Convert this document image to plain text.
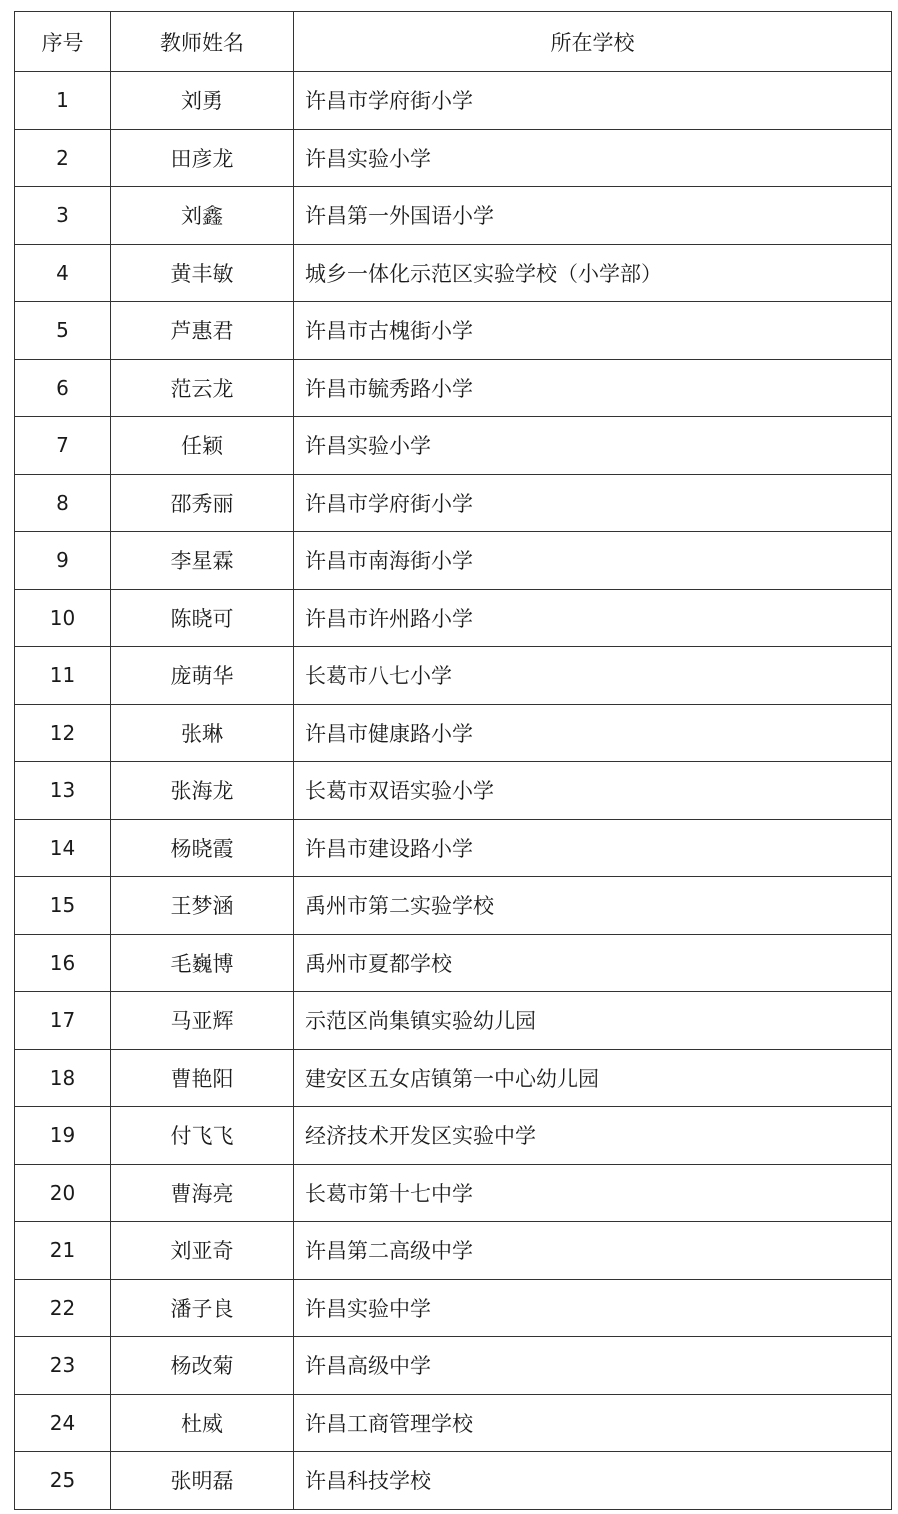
序号	教师姓名	所在学校
1	刘勇	许昌市学府街小学
2	田彦龙	许昌实验小学
3	刘鑫	许昌第一外国语小学
4	黄丰敏	城乡一体化示范区实验学校（小学部）
5	芦惠君	许昌市古槐街小学
6	范云龙	许昌市毓秀路小学
7	任颖	许昌实验小学
8	邵秀丽	许昌市学府街小学
9	李星霖	许昌市南海街小学
10	陈晓可	许昌市许州路小学
11	庞萌华	长葛市八七小学
12	张琳	许昌市健康路小学
13	张海龙	长葛市双语实验小学
14	杨晓霞	许昌市建设路小学
15	王梦涵	禹州市第二实验学校
16	毛巍博	禹州市夏都学校
17	马亚辉	示范区尚集镇实验幼儿园
18	曹艳阳	建安区五女店镇第一中心幼儿园
19	付飞飞	经济技术开发区实验中学
20	曹海亮	长葛市第十七中学
21	刘亚奇	许昌第二高级中学
22	潘子良	许昌实验中学
23	杨改菊	许昌高级中学
24	杜威	许昌工商管理学校
25	张明磊	许昌科技学校
